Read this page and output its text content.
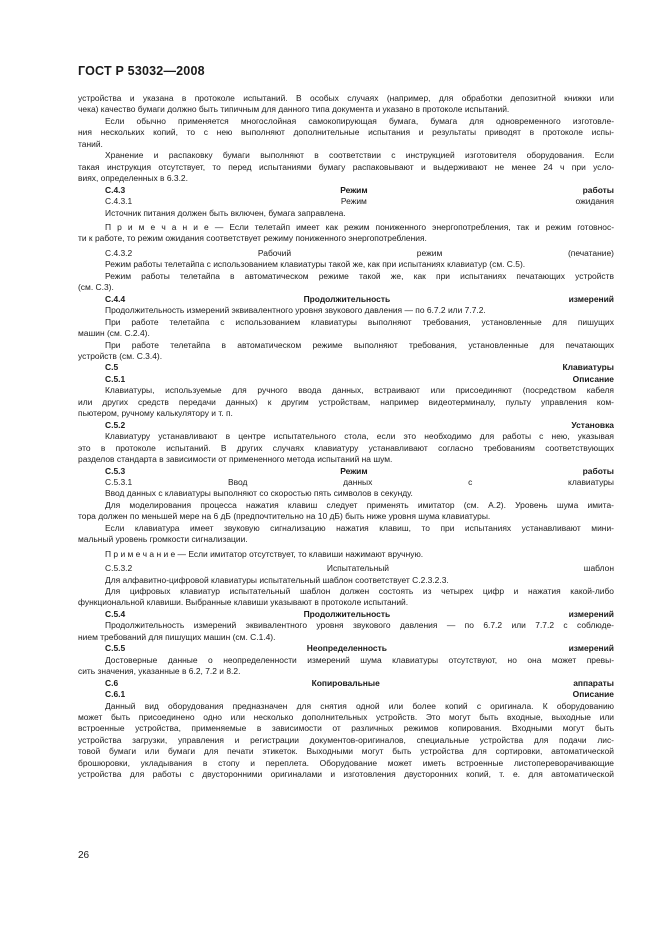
ГОСТ Р 53032—2008

устройства и указана в протоколе испытаний. В особых случаях (например, для обработки депозитной книжки или

чека) качество бумаги должно быть типичным для данного типа документа и указано в протоколе испытаний.

Если обычно применяется многослойная самокопирующая бумага, бумага для одновременного изготовле-

ния нескольких копий, то с нею выполняют дополнительные испытания и результаты приводят в протоколе испы-

таний.

Хранение и распаковку бумаги выполняют в соответствии с инструкцией изготовителя оборудования. Если

такая инструкция отсутствует, то перед испытаниями бумагу распаковывают и выдерживают не менее 24 ч при усло-

виях, определенных в 6.3.2.

C.4.3 Режим работы

C.4.3.1 Режим ожидания

Источник питания должен быть включен, бумага заправлена.

П р и м е ч а н и е — Если телетайп имеет как режим пониженного энергопотребления, так и режим готовнос-

ти к работе, то режим ожидания соответствует режиму пониженного энергопотребления.

C.4.3.2 Рабочий режим (печатание)

Режим работы телетайпа с использованием клавиатуры такой же, как при испытаниях клавиатур (см. C.5).

Режим работы телетайпа в автоматическом режиме такой же, как при испытаниях печатающих устройств

(см. C.3).

C.4.4 Продолжительность измерений

Продолжительность измерений эквивалентного уровня звукового давления — по 6.7.2 или 7.7.2.

При работе телетайпа с использованием клавиатуры выполняют требования, установленные для пишущих

машин (см. C.2.4).

При работе телетайпа в автоматическом режиме выполняют требования, установленные для печатающих

устройств (см. C.3.4).

C.5 Клавиатуры

C.5.1 Описание

Клавиатуры, используемые для ручного ввода данных, встраивают или присоединяют (посредством кабеля

или других средств передачи данных) к другим устройствам, например видеотерминалу, пульту управления ком-

пьютером, ручному калькулятору и т. п.

C.5.2 Установка

Клавиатуру устанавливают в центре испытательного стола, если это необходимо для работы с нею, указывая

это в протоколе испытаний. В других случаях клавиатуру устанавливают согласно требованиям соответствующих

разделов стандарта в зависимости от примененного метода испытаний на шум.

C.5.3 Режим работы

C.5.3.1 Ввод данных с клавиатуры

Ввод данных с клавиатуры выполняют со скоростью пять символов в секунду.

Для моделирования процесса нажатия клавиш следует применять имитатор (см. A.2). Уровень шума имита-

тора должен по меньшей мере на 6 дБ (предпочтительно на 10 дБ) быть ниже уровня шума клавиатуры.

Если клавиатура имеет звуковую сигнализацию нажатия клавиш, то при испытаниях устанавливают мини-

мальный уровень громкости сигнализации.

П р и м е ч а н и е — Если имитатор отсутствует, то клавиши нажимают вручную.

C.5.3.2 Испытательный шаблон

Для алфавитно-цифровой клавиатуры испытательный шаблон соответствует C.2.3.2.3.

Для цифровых клавиатур испытательный шаблон должен состоять из четырех цифр и нажатия какой-либо

функциональной клавиши. Выбранные клавиши указывают в протоколе испытаний.

C.5.4 Продолжительность измерений

Продолжительность измерений эквивалентного уровня звукового давления — по 6.7.2 или 7.7.2 с соблюде-

нием требований для пишущих машин (см. C.1.4).

C.5.5 Неопределенность измерений

Достоверные данные о неопределенности измерений шума клавиатуры отсутствуют, но она может превы-

сить значения, указанные в 6.2, 7.2 и 8.2.

C.6 Копировальные аппараты

C.6.1 Описание

Данный вид оборудования предназначен для снятия одной или более копий с оригинала. К оборудованию

может быть присоединено одно или несколько дополнительных устройств. Это могут быть входные, выходные или

встроенные устройства, применяемые в зависимости от различных режимов копирования. Входными могут быть

устройства загрузки, управления и регистрации документов-оригиналов, специальные устройства для подачи лис-

товой бумаги или бумаги для печати этикеток. Выходными могут быть устройства для сортировки, автоматической

брошюровки, укладывания в стопу и переплета. Оборудование может иметь встроенные листопереворачивающие

устройства для работы с двусторонними оригиналами и изготовления двусторонних копий, т. е. для автоматической

26
